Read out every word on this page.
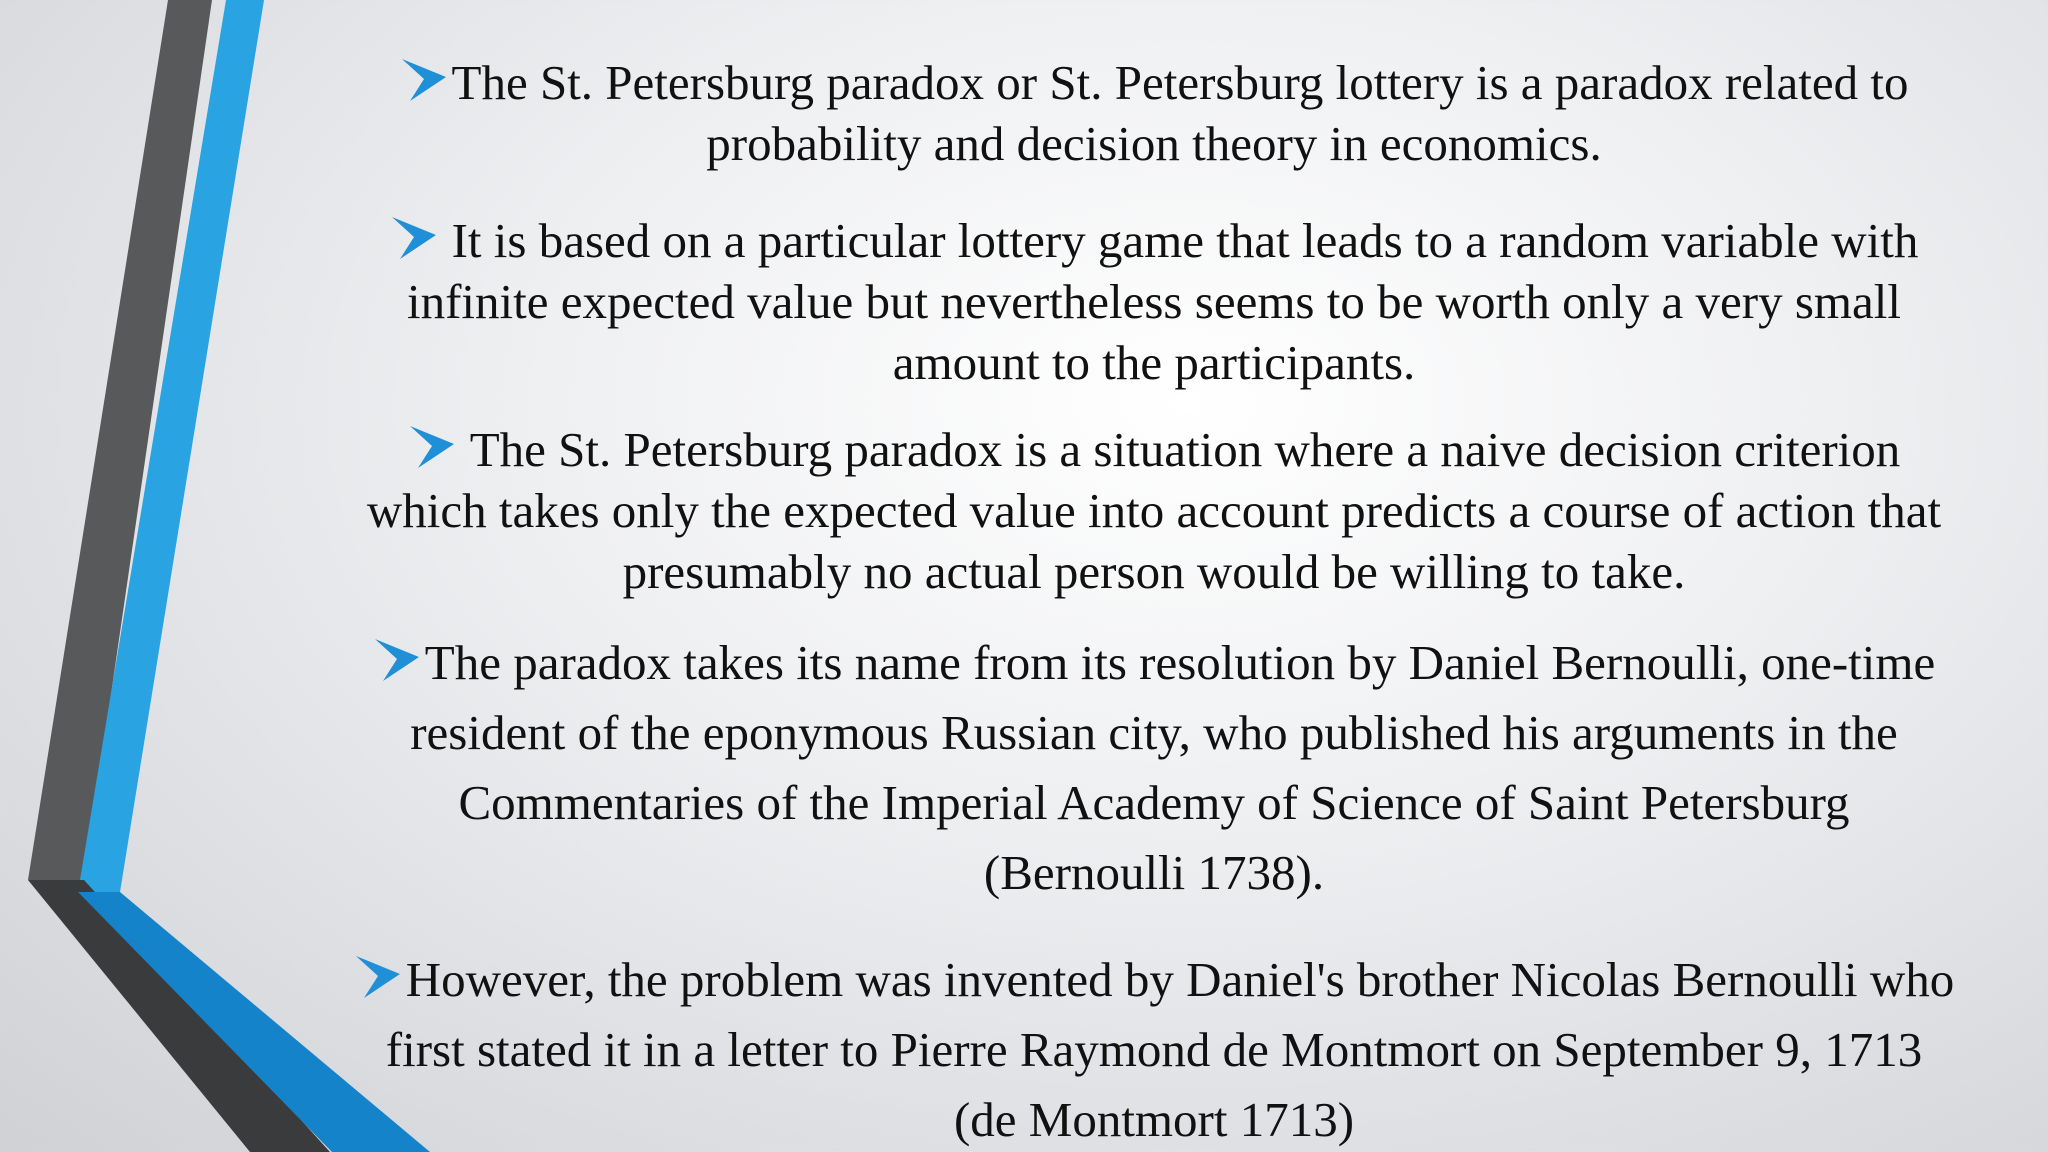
The St. Petersburg paradox or St. Petersburg lottery is a paradox related to
probability and decision theory in economics.
It is based on a particular lottery game that leads to a random variable with
infinite expected value but nevertheless seems to be worth only a very small
amount to the participants.
The St. Petersburg paradox is a situation where a naive decision criterion
which takes only the expected value into account predicts a course of action that
presumably no actual person would be willing to take.
The paradox takes its name from its resolution by Daniel Bernoulli, one-time
resident of the eponymous Russian city, who published his arguments in the
Commentaries of the Imperial Academy of Science of Saint Petersburg
(Bernoulli 1738).
However, the problem was invented by Daniel's brother Nicolas Bernoulli who
first stated it in a letter to Pierre Raymond de Montmort on September 9, 1713
(de Montmort 1713)
